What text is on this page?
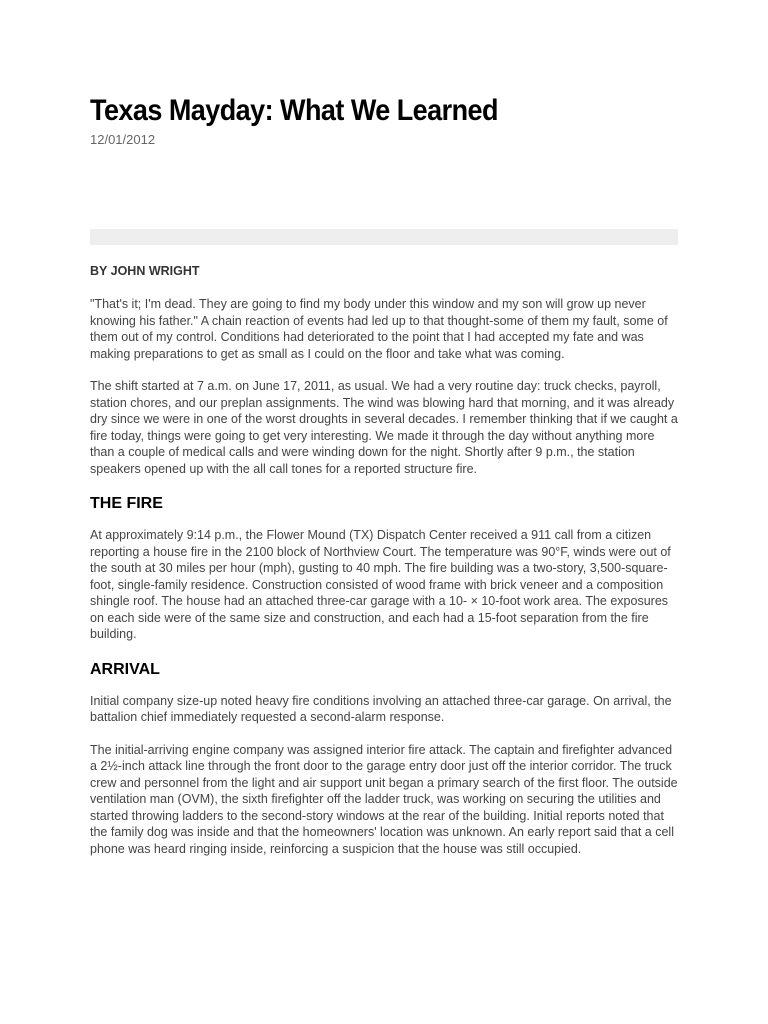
Texas Mayday: What We Learned
12/01/2012

BY JOHN WRIGHT

"That's it; I'm dead. They are going to find my body under this window and my son will grow up never knowing his father." A chain reaction of events had led up to that thought-some of them my fault, some of them out of my control. Conditions had deteriorated to the point that I had accepted my fate and was making preparations to get as small as I could on the floor and take what was coming.

The shift started at 7 a.m. on June 17, 2011, as usual. We had a very routine day: truck checks, payroll, station chores, and our preplan assignments. The wind was blowing hard that morning, and it was already dry since we were in one of the worst droughts in several decades. I remember thinking that if we caught a fire today, things were going to get very interesting. We made it through the day without anything more than a couple of medical calls and were winding down for the night. Shortly after 9 p.m., the station speakers opened up with the all call tones for a reported structure fire.

THE FIRE

At approximately 9:14 p.m., the Flower Mound (TX) Dispatch Center received a 911 call from a citizen reporting a house fire in the 2100 block of Northview Court. The temperature was 90°F, winds were out of the south at 30 miles per hour (mph), gusting to 40 mph. The fire building was a two-story, 3,500-square-foot, single-family residence. Construction consisted of wood frame with brick veneer and a composition shingle roof. The house had an attached three-car garage with a 10- × 10-foot work area. The exposures on each side were of the same size and construction, and each had a 15-foot separation from the fire building.

ARRIVAL

Initial company size-up noted heavy fire conditions involving an attached three-car garage. On arrival, the battalion chief immediately requested a second-alarm response.

The initial-arriving engine company was assigned interior fire attack. The captain and firefighter advanced a 2½-inch attack line through the front door to the garage entry door just off the interior corridor. The truck crew and personnel from the light and air support unit began a primary search of the first floor. The outside ventilation man (OVM), the sixth firefighter off the ladder truck, was working on securing the utilities and started throwing ladders to the second-story windows at the rear of the building. Initial reports noted that the family dog was inside and that the homeowners' location was unknown. An early report said that a cell phone was heard ringing inside, reinforcing a suspicion that the house was still occupied.
